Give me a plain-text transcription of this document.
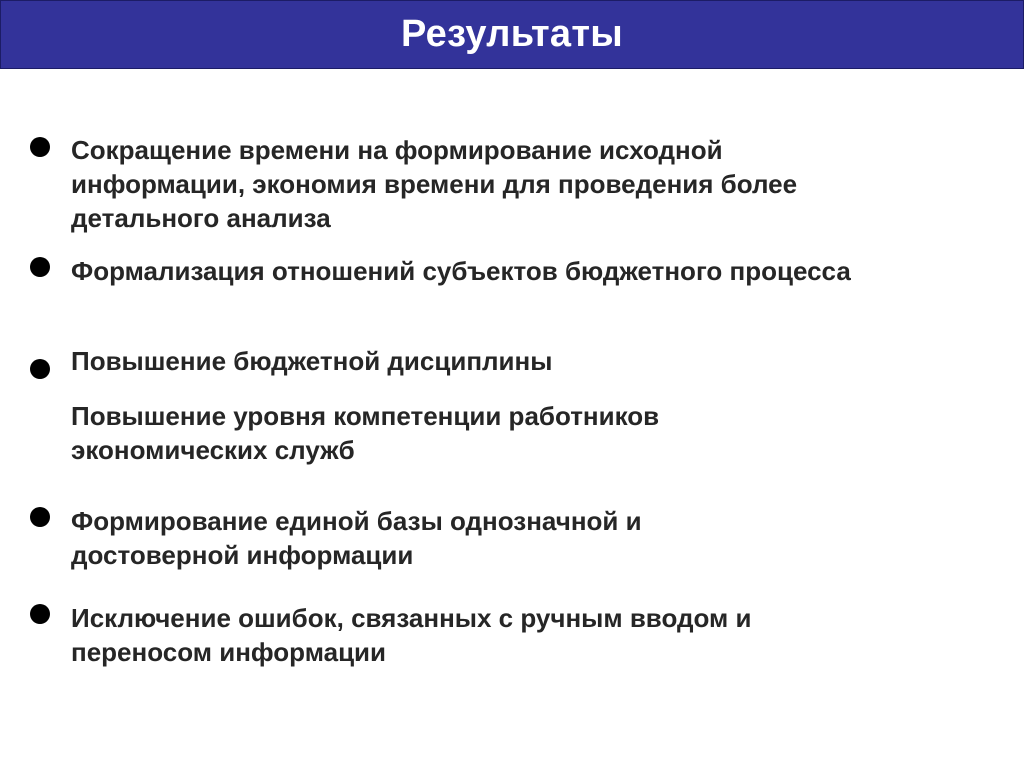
Результаты
Сокращение времени на формирование исходной информации, экономия времени для проведения более детального анализа
Формализация отношений субъектов бюджетного процесса
Повышение бюджетной дисциплины
Повышение уровня компетенции работников экономических служб
Формирование единой базы однозначной и достоверной информации
Исключение ошибок, связанных с ручным вводом и переносом информации
